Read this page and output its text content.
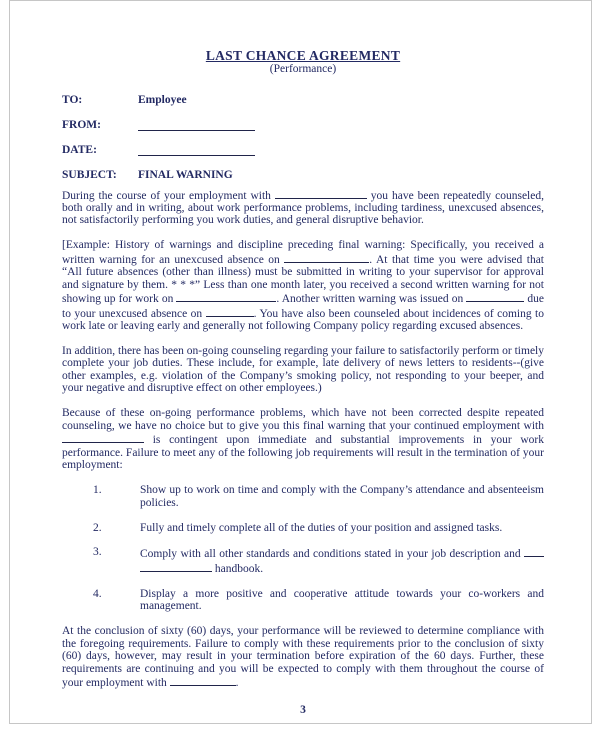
LAST CHANCE AGREEMENT
(Performance)
TO:	Employee
FROM:
DATE:
SUBJECT:	FINAL WARNING

During the course of your employment with	you have been repeatedly counseled, both orally and in writing, about work performance problems, including tardiness, unexcused absences, not satisfactorily performing you work duties, and general disruptive behavior.

[Example: History of warnings and discipline preceding final warning: Specifically, you received a written warning for an unexcused absence on	. At that time you were advised that “All future absences (other than illness) must be submitted in writing to your supervisor for approval and signature by them. * * *” Less than one month later, you received a second written warning for not showing up for work on	. Another written warning was issued on	due to your unexcused absence on	. You have also been counseled about incidences of coming to work late or leaving early and generally not following Company policy regarding excused absences.

In addition, there has been on-going counseling regarding your failure to satisfactorily perform or timely complete your job duties. These include, for example, late delivery of news letters to residents--(give other examples, e.g. violation of the Company’s smoking policy, not responding to your beeper, and your negative and disruptive effect on other employees.)

Because of these on-going performance problems, which have not been corrected despite repeated counseling, we have no choice but to give you this final warning that your continued employment with  is contingent upon immediate and substantial improvements in your work performance. Failure to meet any of the following job requirements will result in the termination of your employment:

1.	Show up to work on time and comply with the Company’s attendance and absenteeism policies.
2.	Fully and timely complete all of the duties of your position and assigned tasks.
3.	Comply with all other standards and conditions stated in your job description and   handbook.
4.	Display a more positive and cooperative attitude towards your co-workers and management.

At the conclusion of sixty (60) days, your performance will be reviewed to determine compliance with the foregoing requirements. Failure to comply with these requirements prior to the conclusion of sixty (60) days, however, may result in your termination before expiration of the 60 days. Further, these requirements are continuing and you will be expected to comply with them throughout the course of your employment with	.

3
